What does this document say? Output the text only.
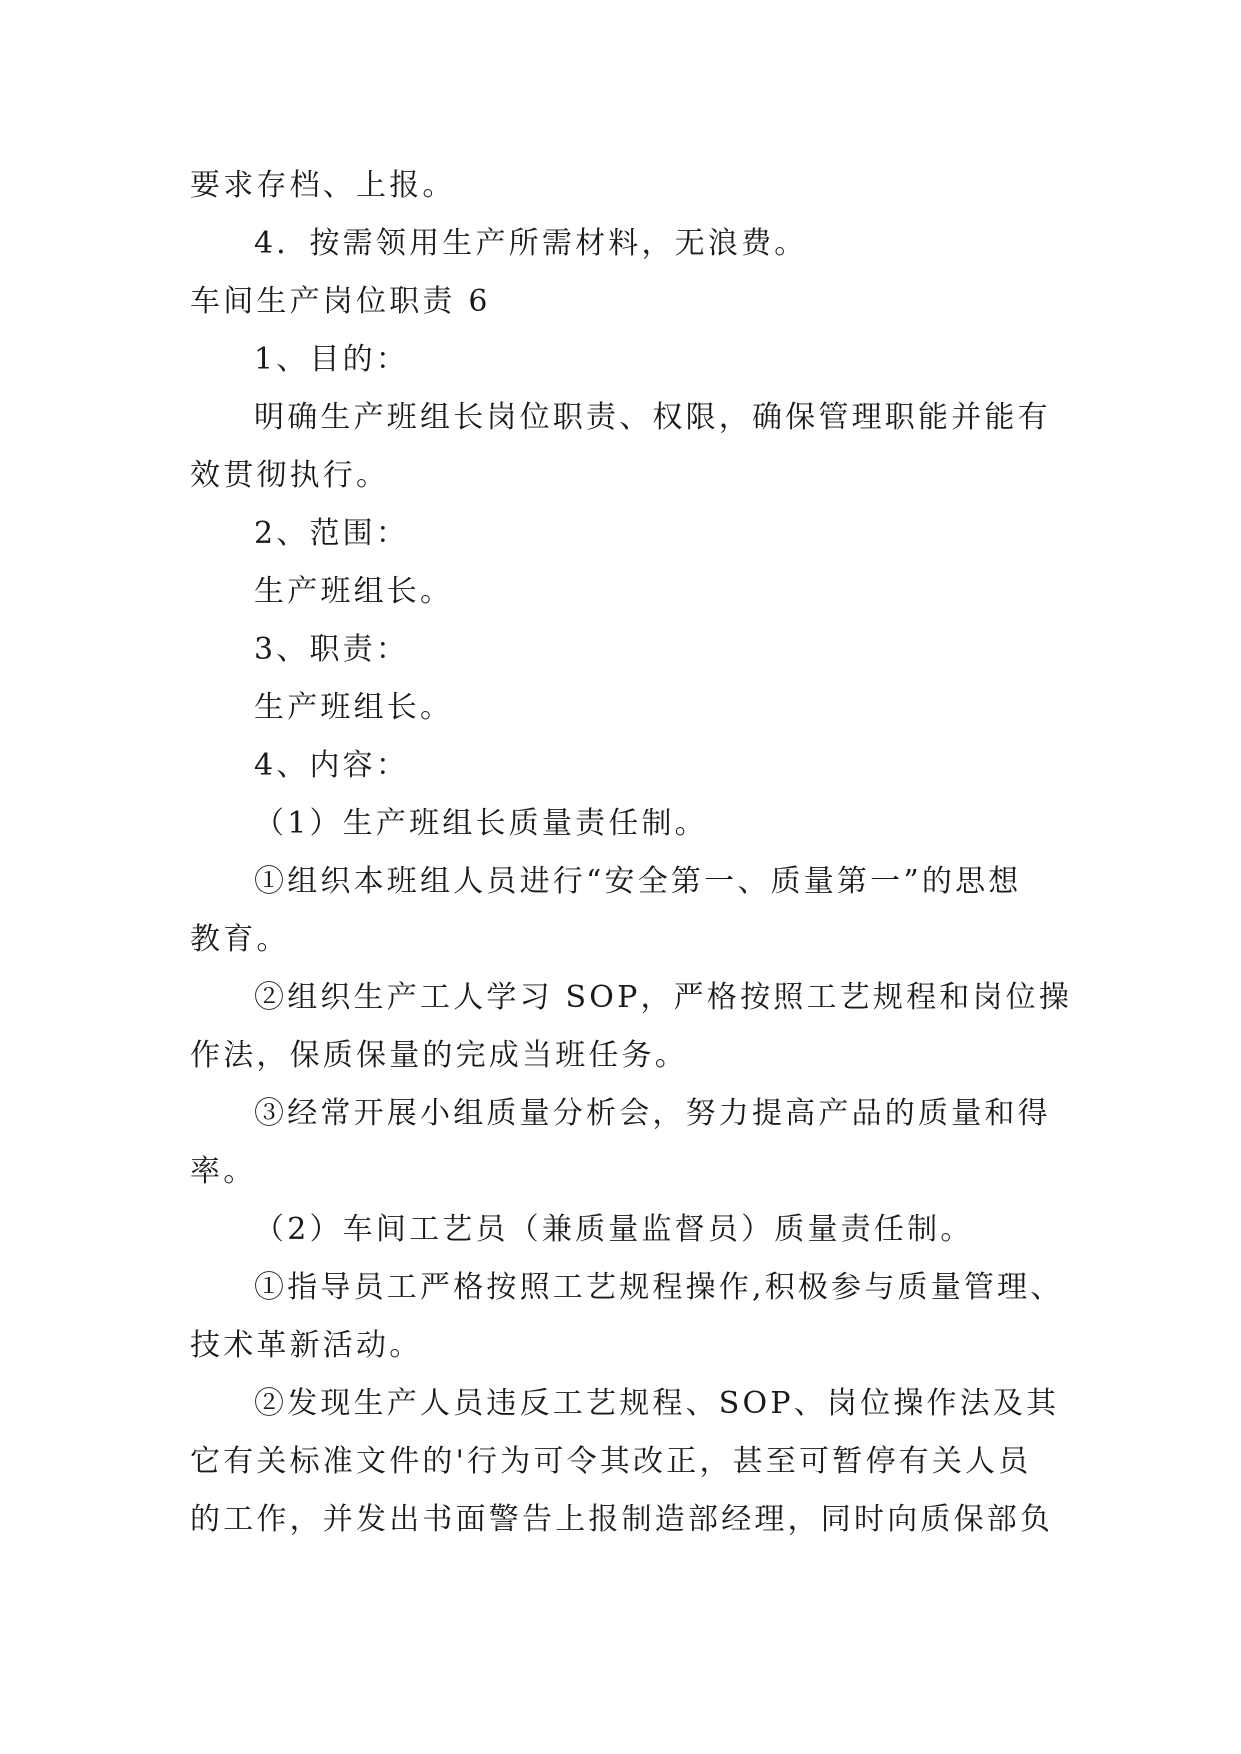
要求存档、上报。
4．按需领用生产所需材料，无浪费。
车间生产岗位职责 6
1、目的：
明确生产班组长岗位职责、权限，确保管理职能并能有
效贯彻执行。
2、范围：
生产班组长。
3、职责：
生产班组长。
4、内容：
（1）生产班组长质量责任制。
①组织本班组人员进行“安全第一、质量第一”的思想
教育。
②组织生产工人学习 SOP，严格按照工艺规程和岗位操
作法，保质保量的完成当班任务。
③经常开展小组质量分析会，努力提高产品的质量和得
率。
（2）车间工艺员（兼质量监督员）质量责任制。
①指导员工严格按照工艺规程操作,积极参与质量管理、
技术革新活动。
②发现生产人员违反工艺规程、SOP、岗位操作法及其
它有关标准文件的'行为可令其改正，甚至可暂停有关人员
的工作，并发出书面警告上报制造部经理，同时向质保部负
